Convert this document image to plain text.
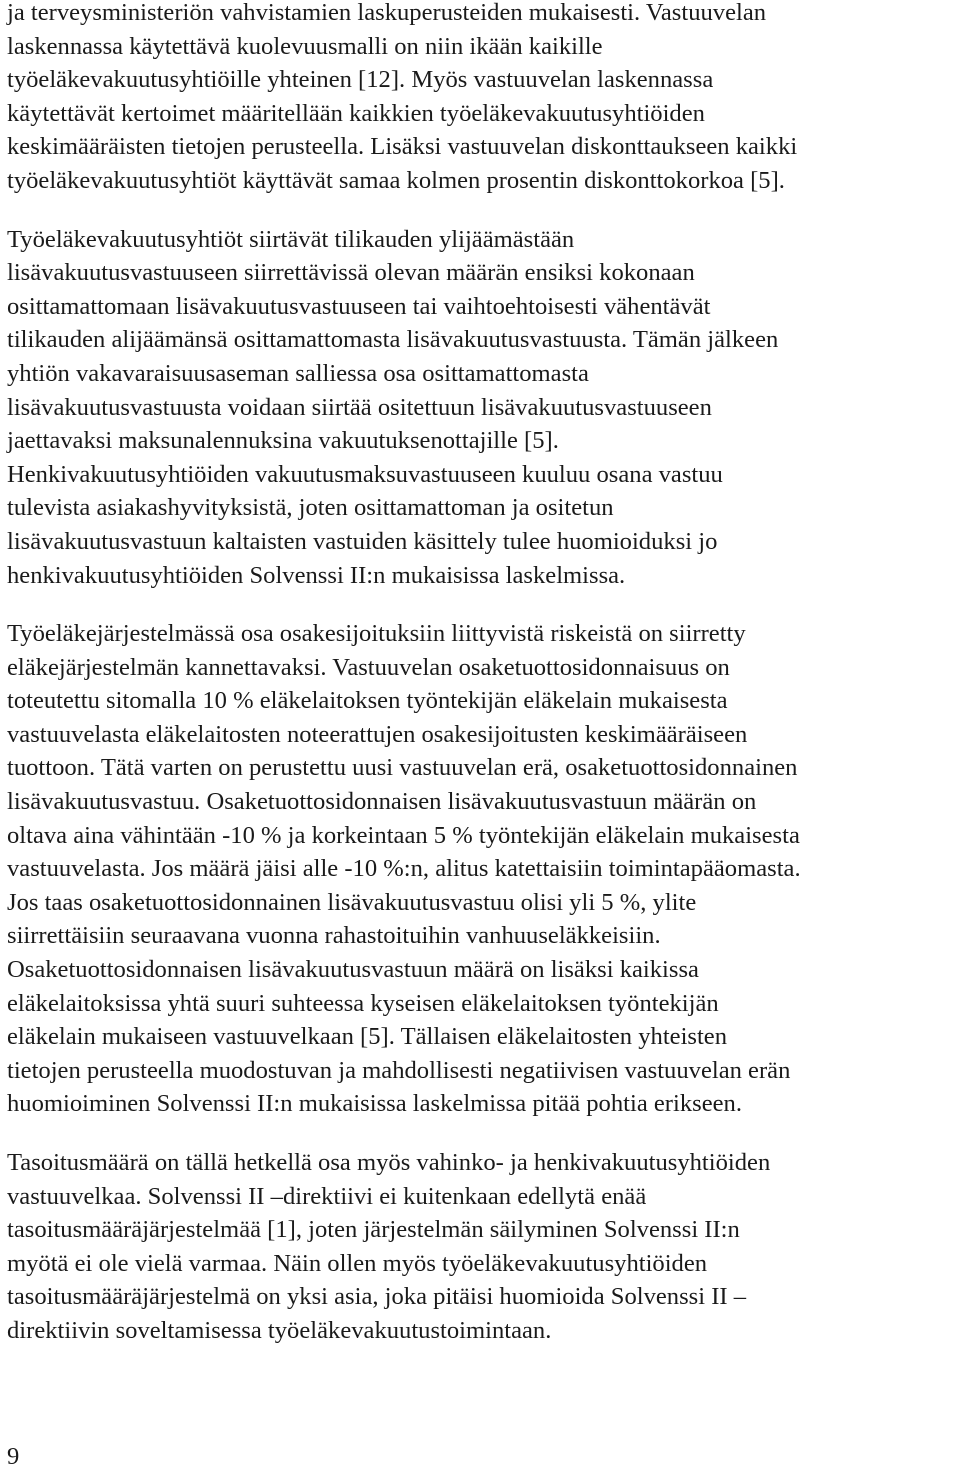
ja terveysministeriön vahvistamien laskuperusteiden mukaisesti. Vastuuvelan
laskennassa käytettävä kuolevuusmalli on niin ikään kaikille
työeläkevakuutusyhtiöille yhteinen [12]. Myös vastuuvelan laskennassa
käytettävät kertoimet määritellään kaikkien työeläkevakuutusyhtiöiden
keskimääräisten tietojen perusteella. Lisäksi vastuuvelan diskonttaukseen kaikki
työeläkevakuutusyhtiöt käyttävät samaa kolmen prosentin diskonttokorkoa [5].

Työeläkevakuutusyhtiöt siirtävät tilikauden ylijäämästään
lisävakuutusvastuuseen siirrettävissä olevan määrän ensiksi kokonaan
osittamattomaan lisävakuutusvastuuseen tai vaihtoehtoisesti vähentävät
tilikauden alijäämänsä osittamattomasta lisävakuutusvastuusta. Tämän jälkeen
yhtiön vakavaraisuusaseman salliessa osa osittamattomasta
lisävakuutusvastuusta voidaan siirtää ositettuun lisävakuutusvastuuseen
jaettavaksi maksunalennuksina vakuutuksenottajille [5].
Henkivakuutusyhtiöiden vakuutusmaksuvastuuseen kuuluu osana vastuu
tulevista asiakashyvityksistä, joten osittamattoman ja ositetun
lisävakuutusvastuun kaltaisten vastuiden käsittely tulee huomioiduksi jo
henkivakuutusyhtiöiden Solvenssi II:n mukaisissa laskelmissa.

Työeläkejärjestelmässä osa osakesijoituksiin liittyvistä riskeistä on siirretty
eläkejärjestelmän kannettavaksi. Vastuuvelan osaketuottosidonnaisuus on
toteutettu sitomalla 10 % eläkelaitoksen työntekijän eläkelain mukaisesta
vastuuvelasta eläkelaitosten noteerattujen osakesijoitusten keskimääräiseen
tuottoon. Tätä varten on perustettu uusi vastuuvelan erä, osaketuottosidonnainen
lisävakuutusvastuu. Osaketuottosidonnaisen lisävakuutusvastuun määrän on
oltava aina vähintään -10 % ja korkeintaan 5 % työntekijän eläkelain mukaisesta
vastuuvelasta. Jos määrä jäisi alle -10 %:n, alitus katettaisiin toimintapääomasta.
Jos taas osaketuottosidonnainen lisävakuutusvastuu olisi yli 5 %, ylite
siirrettäisiin seuraavana vuonna rahastoituihin vanhuuseläkkeisiin.
Osaketuottosidonnaisen lisävakuutusvastuun määrä on lisäksi kaikissa
eläkelaitoksissa yhtä suuri suhteessa kyseisen eläkelaitoksen työntekijän
eläkelain mukaiseen vastuuvelkaan [5]. Tällaisen eläkelaitosten yhteisten
tietojen perusteella muodostuvan ja mahdollisesti negatiivisen vastuuvelan erän
huomioiminen Solvenssi II:n mukaisissa laskelmissa pitää pohtia erikseen.

Tasoitusmäärä on tällä hetkellä osa myös vahinko- ja henkivakuutusyhtiöiden
vastuuvelkaa. Solvenssi II –direktiivi ei kuitenkaan edellytä enää
tasoitusmääräjärjestelmää [1], joten järjestelmän säilyminen Solvenssi II:n
myötä ei ole vielä varmaa. Näin ollen myös työeläkevakuutusyhtiöiden
tasoitusmääräjärjestelmä on yksi asia, joka pitäisi huomioida Solvenssi II –
direktiivin soveltamisessa työeläkevakuutustoimintaan.

9
